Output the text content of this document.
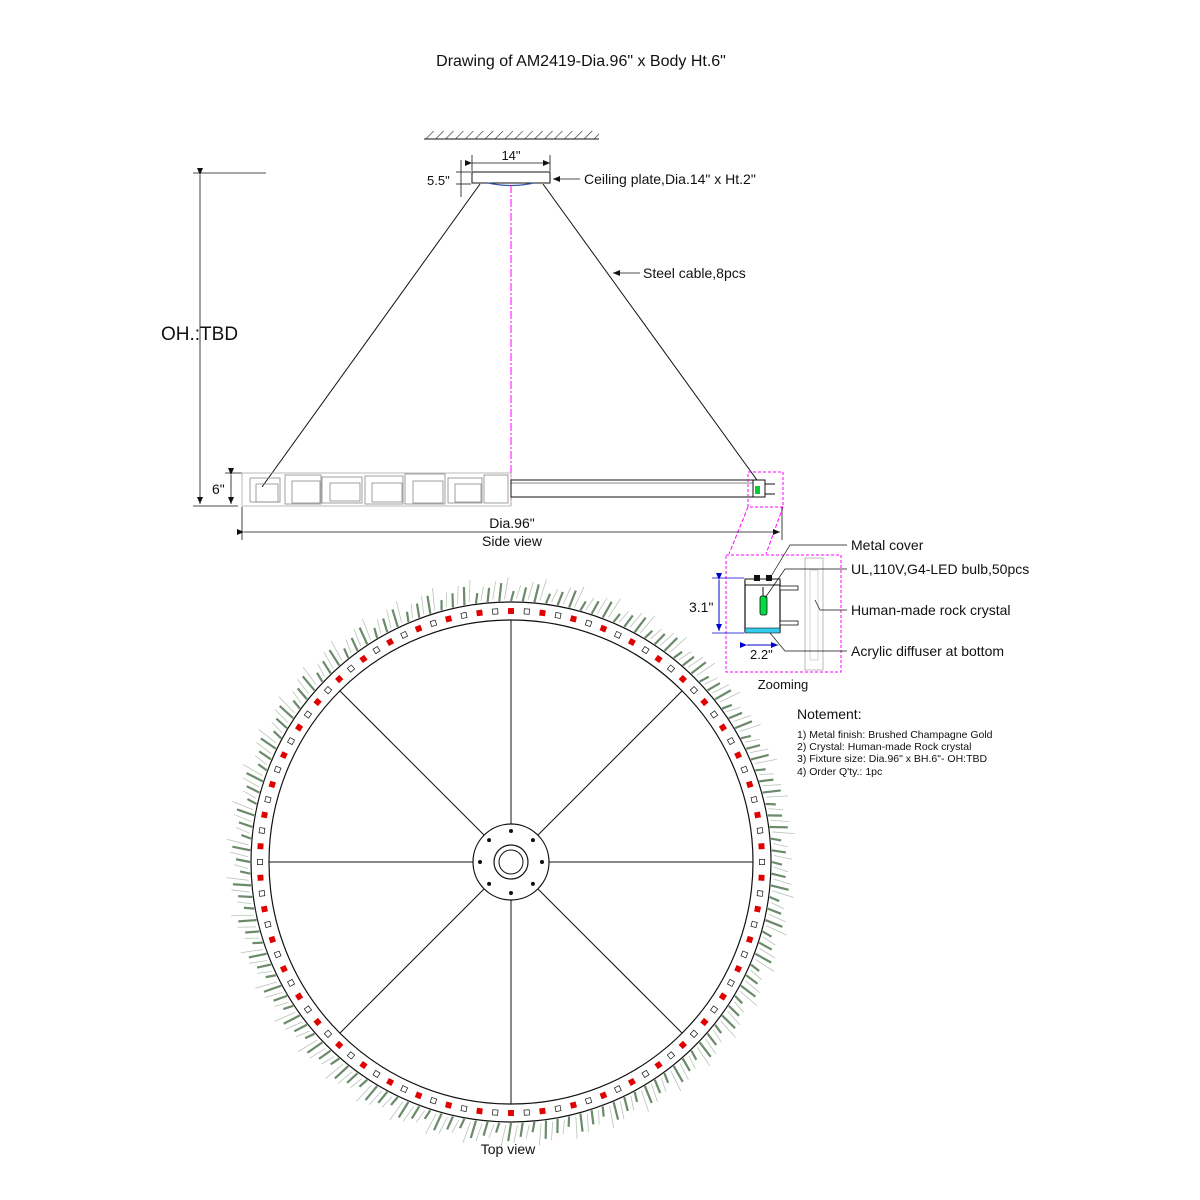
Drawing of AM2419-Dia.96" x Body Ht.6"
14"
5.5"	Ceiling plate,Dia.14" x Ht.2"
Steel cable,8pcs
OH.:TBD
6"
Dia.96"
Side view
3.1"
2.2"
Zooming
Metal cover
UL,110V,G4-LED bulb,50pcs
Human-made rock crystal
Acrylic diffuser at bottom
Notement:
1) Metal finish: Brushed Champagne Gold
2) Crystal: Human-made Rock crystal
3) Fixture size: Dia.96" x BH.6"- OH:TBD
4) Order Q'ty.: 1pc
Top view
